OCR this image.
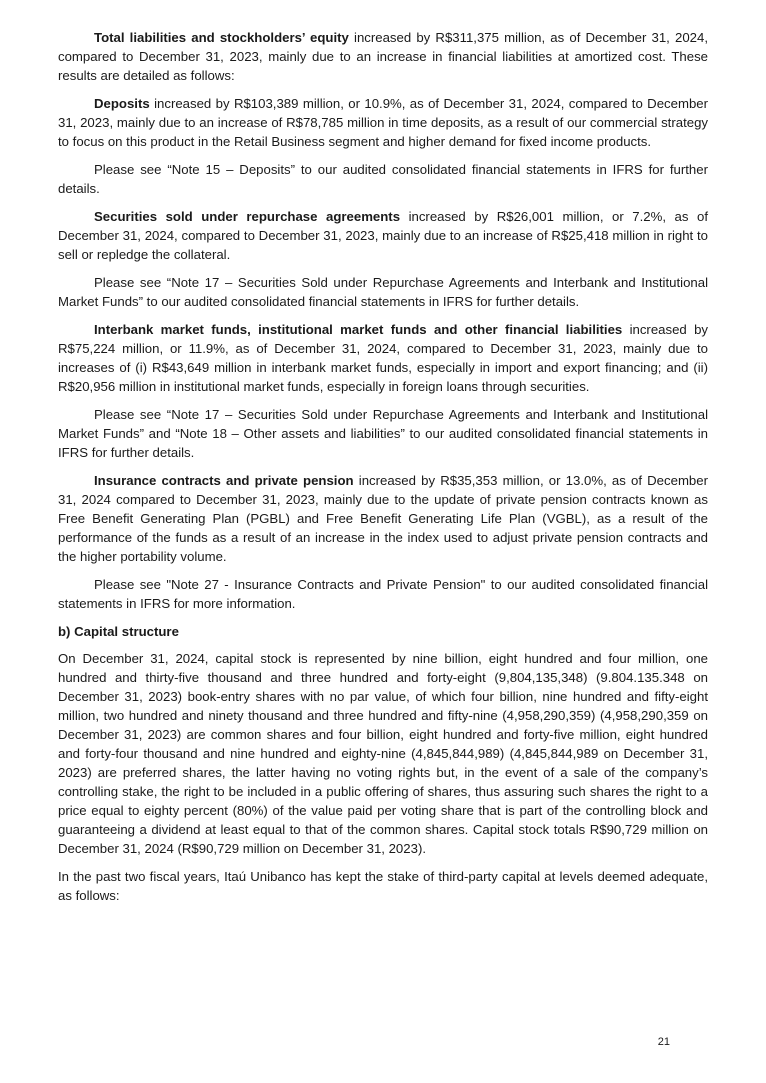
Total liabilities and stockholders’ equity increased by R$311,375 million, as of December 31, 2024, compared to December 31, 2023, mainly due to an increase in financial liabilities at amortized cost. These results are detailed as follows:

Deposits increased by R$103,389 million, or 10.9%, as of December 31, 2024, compared to December 31, 2023, mainly due to an increase of R$78,785 million in time deposits, as a result of our commercial strategy to focus on this product in the Retail Business segment and higher demand for fixed income products.

Please see “Note 15 – Deposits” to our audited consolidated financial statements in IFRS for further details.

Securities sold under repurchase agreements increased by R$26,001 million, or 7.2%, as of December 31, 2024, compared to December 31, 2023, mainly due to an increase of R$25,418 million in right to sell or repledge the collateral.

Please see “Note 17 – Securities Sold under Repurchase Agreements and Interbank and Institutional Market Funds” to our audited consolidated financial statements in IFRS for further details.

Interbank market funds, institutional market funds and other financial liabilities increased by R$75,224 million, or 11.9%, as of December 31, 2024, compared to December 31, 2023, mainly due to increases of (i) R$43,649 million in interbank market funds, especially in import and export financing; and (ii) R$20,956 million in institutional market funds, especially in foreign loans through securities.

Please see “Note 17 – Securities Sold under Repurchase Agreements and Interbank and Institutional Market Funds” and “Note 18 – Other assets and liabilities” to our audited consolidated financial statements in IFRS for further details.

Insurance contracts and private pension increased by R$35,353 million, or 13.0%, as of December 31, 2024 compared to December 31, 2023, mainly due to the update of private pension contracts known as Free Benefit Generating Plan (PGBL) and Free Benefit Generating Life Plan (VGBL), as a result of the performance of the funds as a result of an increase in the index used to adjust private pension contracts and the higher portability volume.

Please see "Note 27 - Insurance Contracts and Private Pension" to our audited consolidated financial statements in IFRS for more information.

b) Capital structure

On December 31, 2024, capital stock is represented by nine billion, eight hundred and four million, one hundred and thirty-five thousand and three hundred and forty-eight (9,804,135,348) (9.804.135.348 on December 31, 2023) book-entry shares with no par value, of which four billion, nine hundred and fifty-eight million, two hundred and ninety thousand and three hundred and fifty-nine (4,958,290,359) (4,958,290,359 on December 31, 2023) are common shares and four billion, eight hundred and forty-five million, eight hundred and forty-four thousand and nine hundred and eighty-nine (4,845,844,989) (4,845,844,989 on December 31, 2023) are preferred shares, the latter having no voting rights but, in the event of a sale of the company’s controlling stake, the right to be included in a public offering of shares, thus assuring such shares the right to a price equal to eighty percent (80%) of the value paid per voting share that is part of the controlling block and guaranteeing a dividend at least equal to that of the common shares. Capital stock totals R$90,729 million on December 31, 2024 (R$90,729 million on December 31, 2023).

In the past two fiscal years, Itaú Unibanco has kept the stake of third-party capital at levels deemed adequate, as follows:

21
